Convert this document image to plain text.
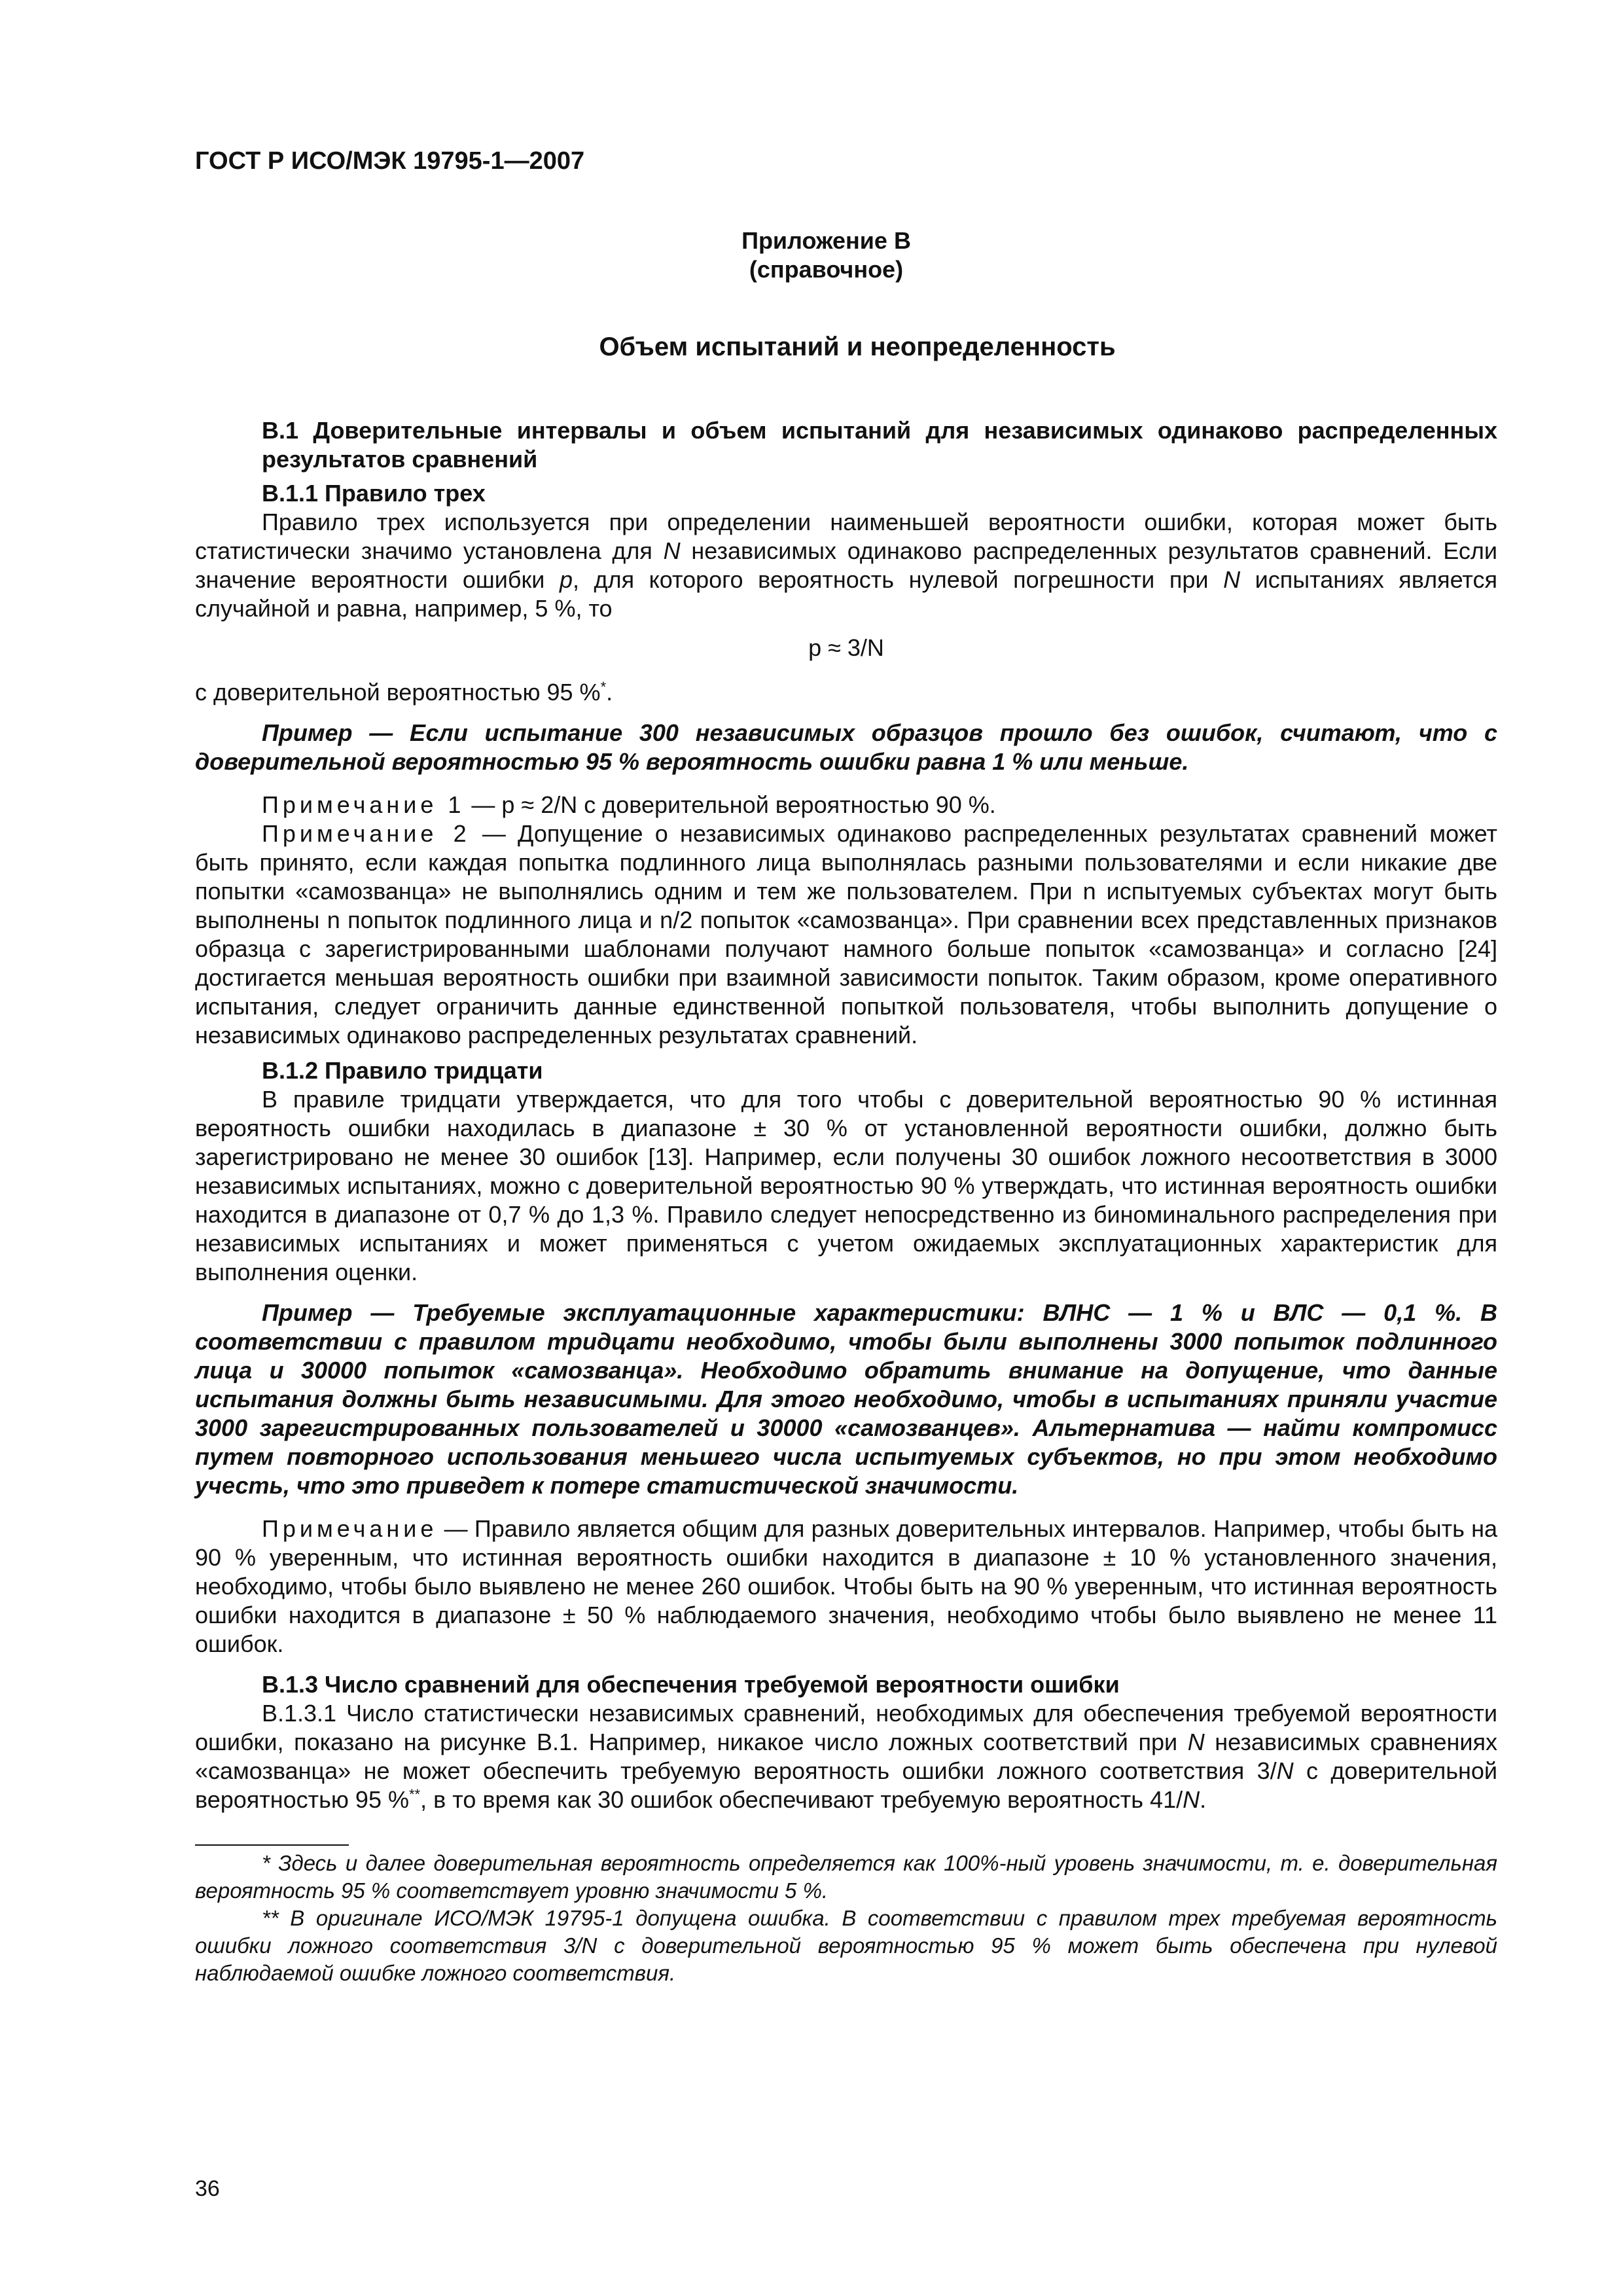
ГОСТ Р ИСО/МЭК 19795-1—2007
Приложение В
(справочное)
Объем испытаний и неопределенность

В.1 Доверительные интервалы и объем испытаний для независимых одинаково распределенных результатов сравнений

В.1.1 Правило трех

Правило трех используется при определении наименьшей вероятности ошибки, которая может быть статистически значимо установлена для N независимых одинаково распределенных результатов сравнений. Если значение вероятности ошибки p, для которого вероятность нулевой погрешности при N испытаниях является случайной и равна, например, 5 %, то

p ≈ 3/N

с доверительной вероятностью 95 %*.

Пример — Если испытание 300 независимых образцов прошло без ошибок, считают, что с доверительной вероятностью 95 % вероятность ошибки равна 1 % или меньше.

Примечание 1 — p ≈ 2/N с доверительной вероятностью 90 %.

Примечание 2 — Допущение о независимых одинаково распределенных результатах сравнений может быть принято, если каждая попытка подлинного лица выполнялась разными пользователями и если никакие две попытки «самозванца» не выполнялись одним и тем же пользователем. При n испытуемых субъектах могут быть выполнены n попыток подлинного лица и n/2 попыток «самозванца». При сравнении всех представленных признаков образца с зарегистрированными шаблонами получают намного больше попыток «самозванца» и согласно [24] достигается меньшая вероятность ошибки при взаимной зависимости попыток. Таким образом, кроме оперативного испытания, следует ограничить данные единственной попыткой пользователя, чтобы выполнить допущение о независимых одинаково распределенных результатах сравнений.

В.1.2 Правило тридцати

В правиле тридцати утверждается, что для того чтобы с доверительной вероятностью 90 % истинная вероятность ошибки находилась в диапазоне ± 30 % от установленной вероятности ошибки, должно быть зарегистрировано не менее 30 ошибок [13]. Например, если получены 30 ошибок ложного несоответствия в 3000 независимых испытаниях, можно с доверительной вероятностью 90 % утверждать, что истинная вероятность ошибки находится в диапазоне от 0,7 % до 1,3 %. Правило следует непосредственно из биноминального распределения при независимых испытаниях и может применяться с учетом ожидаемых эксплуатационных характеристик для выполнения оценки.

Пример — Требуемые эксплуатационные характеристики: ВЛНС — 1 % и ВЛС — 0,1 %. В соответствии с правилом тридцати необходимо, чтобы были выполнены 3000 попыток подлинного лица и 30000 попыток «самозванца». Необходимо обратить внимание на допущение, что данные испытания должны быть независимыми. Для этого необходимо, чтобы в испытаниях приняли участие 3000 зарегистрированных пользователей и 30000 «самозванцев». Альтернатива — найти компромисс путем повторного использования меньшего числа испытуемых субъектов, но при этом необходимо учесть, что это приведет к потере статистической значимости.

Примечание — Правило является общим для разных доверительных интервалов. Например, чтобы быть на 90 % уверенным, что истинная вероятность ошибки находится в диапазоне ± 10 % установленного значения, необходимо, чтобы было выявлено не менее 260 ошибок. Чтобы быть на 90 % уверенным, что истинная вероятность ошибки находится в диапазоне ± 50 % наблюдаемого значения, необходимо чтобы было выявлено не менее 11 ошибок.

В.1.3 Число сравнений для обеспечения требуемой вероятности ошибки

В.1.3.1 Число статистически независимых сравнений, необходимых для обеспечения требуемой вероятности ошибки, показано на рисунке В.1. Например, никакое число ложных соответствий при N независимых сравнениях «самозванца» не может обеспечить требуемую вероятность ошибки ложного соответствия 3/N с доверительной вероятностью 95 %**, в то время как 30 ошибок обеспечивают требуемую вероятность 41/N.

* Здесь и далее доверительная вероятность определяется как 100%-ный уровень значимости, т. е. доверительная вероятность 95 % соответствует уровню значимости 5 %.

** В оригинале ИСО/МЭК 19795-1 допущена ошибка. В соответствии с правилом трех требуемая вероятность ошибки ложного соответствия 3/N с доверительной вероятностью 95 % может быть обеспечена при нулевой наблюдаемой ошибке ложного соответствия.

36
